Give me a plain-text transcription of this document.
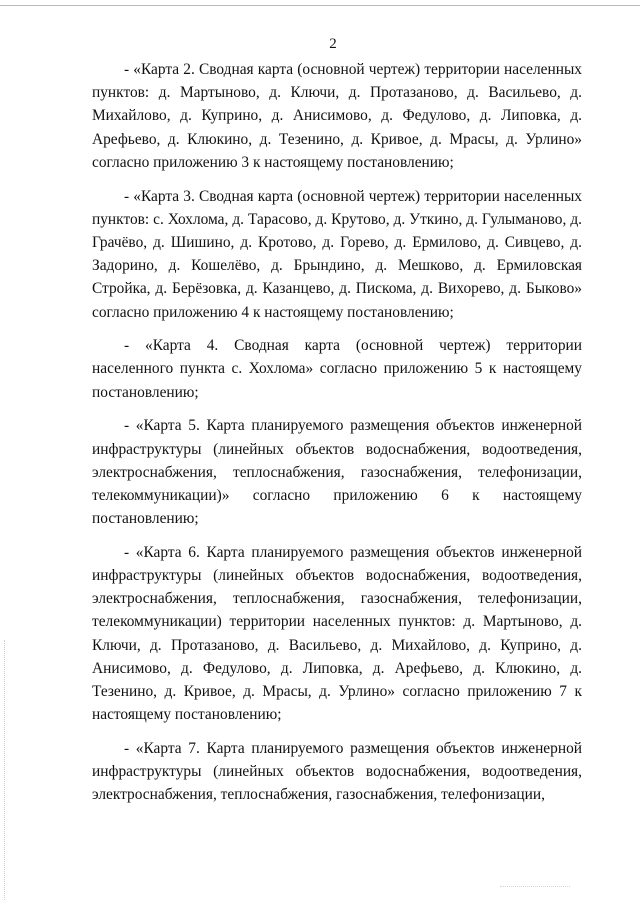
2

- «Карта 2. Сводная карта (основной чертеж) территории населенных пунктов: д. Мартыново, д. Ключи, д. Протазаново, д. Васильево, д. Михайлово, д. Куприно, д. Анисимово, д. Федулово, д. Липовка, д. Арефьево, д. Клюкино, д. Тезенино, д. Кривое, д. Мрасы, д. Урлино» согласно приложению 3 к настоящему постановлению;

- «Карта 3. Сводная карта (основной чертеж) территории населенных пунктов: с. Хохлома, д. Тарасово, д. Крутово, д. Уткино, д. Гулыманово, д. Грачёво, д. Шишино, д. Кротово, д. Горево, д. Ермилово, д. Сивцево, д. Задорино, д. Кошелёво, д. Брындино, д. Мешково, д. Ермиловская Стройка, д. Берёзовка, д. Казанцево, д. Пискома, д. Вихорево, д. Быково» согласно приложению 4 к настоящему постановлению;

- «Карта 4. Сводная карта (основной чертеж) территории населенного пункта с. Хохлома» согласно приложению 5 к настоящему постановлению;

- «Карта 5. Карта планируемого размещения объектов инженерной инфраструктуры (линейных объектов водоснабжения, водоотведения, электроснабжения, теплоснабжения, газоснабжения, телефонизации, телекоммуникации)» согласно приложению 6 к настоящему постановлению;

- «Карта 6. Карта планируемого размещения объектов инженерной инфраструктуры (линейных объектов водоснабжения, водоотведения, электроснабжения, теплоснабжения, газоснабжения, телефонизации, телекоммуникации) территории населенных пунктов: д. Мартыново, д. Ключи, д. Протазаново, д. Васильево, д. Михайлово, д. Куприно, д. Анисимово, д. Федулово, д. Липовка, д. Арефьево, д. Клюкино, д. Тезенино, д. Кривое, д. Мрасы, д. Урлино» согласно приложению 7 к настоящему постановлению;

- «Карта 7. Карта планируемого размещения объектов инженерной инфраструктуры (линейных объектов водоснабжения, водоотведения, электроснабжения, теплоснабжения, газоснабжения, телефонизации,
